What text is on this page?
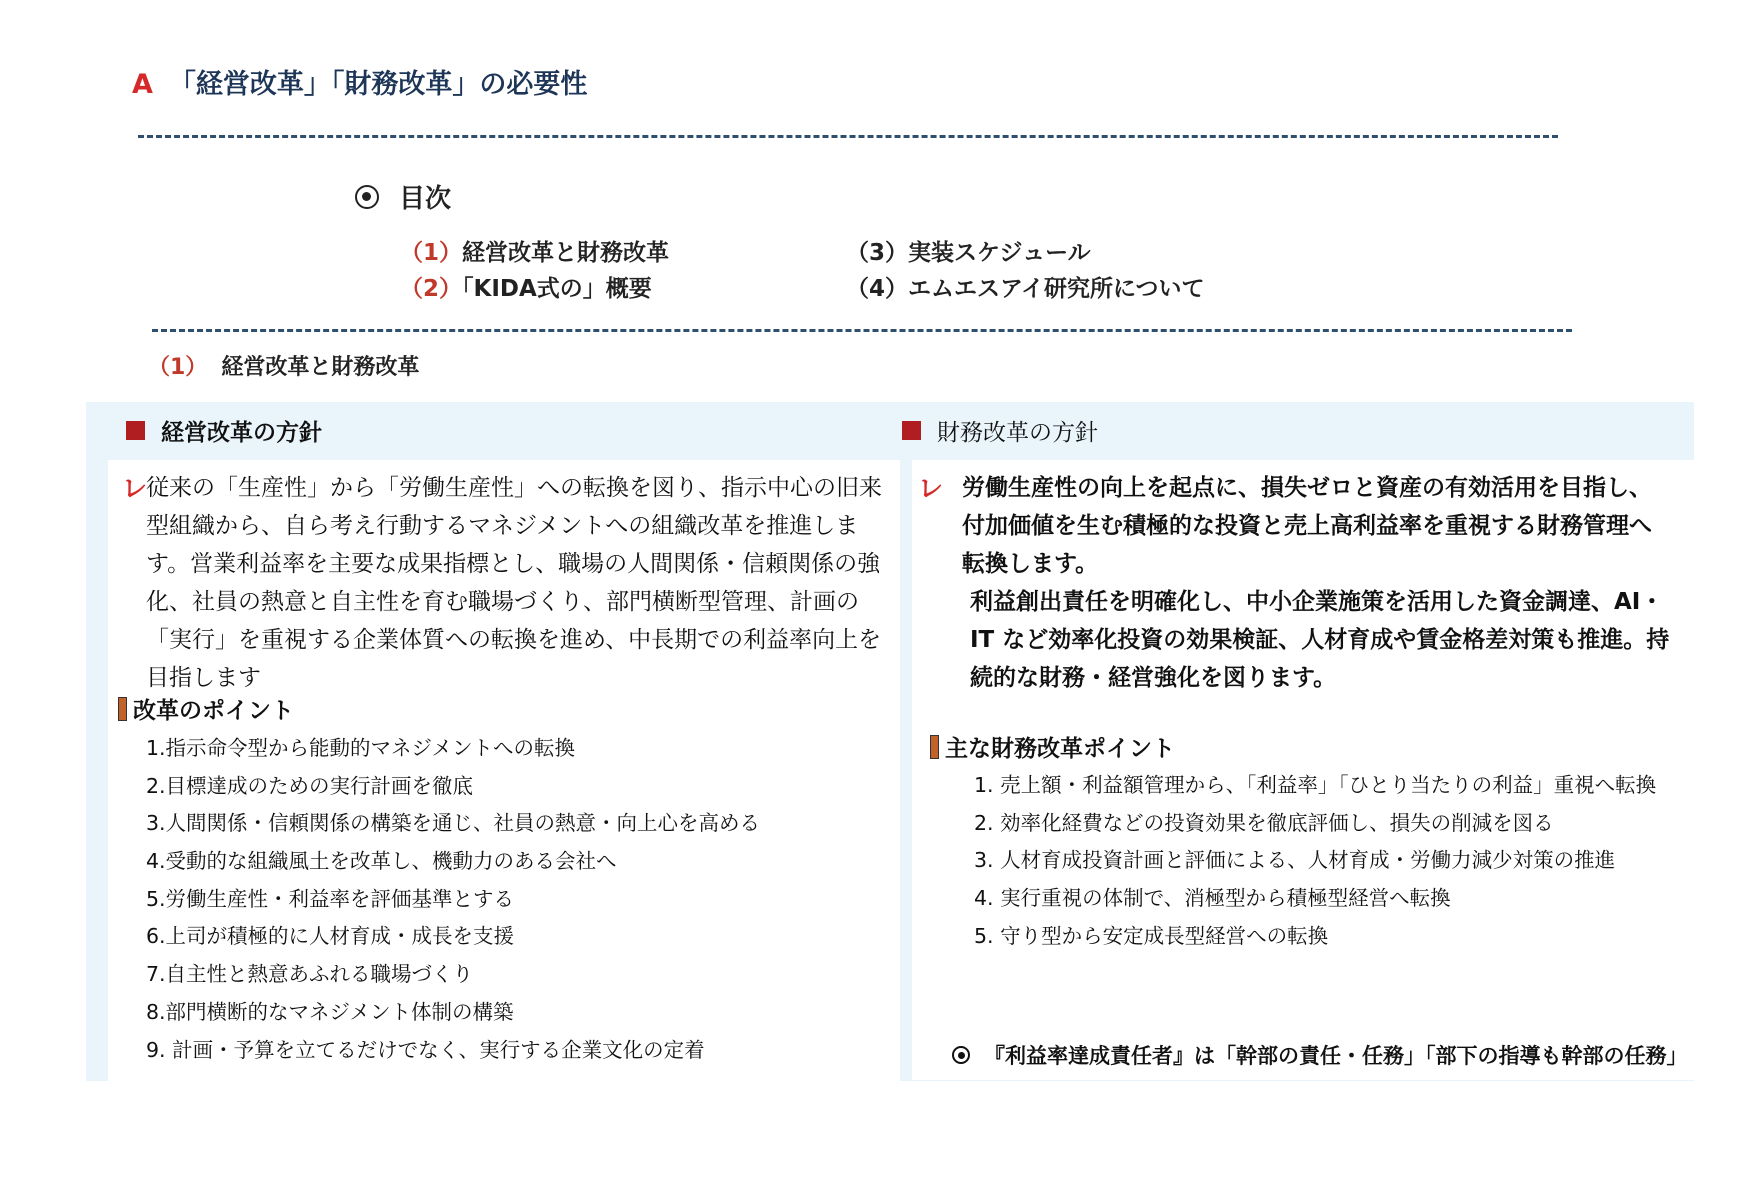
A 「経営改革」「財務改革」の必要性
目次
（1）経営改革と財務改革
（2）「KIDA式の」概要
（3）実装スケジュール
（4）エムエスアイ研究所について
（1） 経営改革と財務改革
経営改革の方針
レ
従来の「生産性」から「労働生産性」への転換を図り、指示中心の旧来型組織から、自ら考え行動するマネジメントへの組織改革を推進します。営業利益率を主要な成果指標とし、職場の人間関係・信頼関係の強化、社員の熱意と自主性を育む職場づくり、部門横断型管理、計画の「実行」を重視する企業体質への転換を進め、中長期での利益率向上を目指します
改革のポイント
1.指示命令型から能動的マネジメントへの転換
2.目標達成のための実行計画を徹底
3.人間関係・信頼関係の構築を通じ、社員の熱意・向上心を高める
4.受動的な組織風土を改革し、機動力のある会社へ
5.労働生産性・利益率を評価基準とする
6.上司が積極的に人材育成・成長を支援
7.自主性と熱意あふれる職場づくり
8.部門横断的なマネジメント体制の構築
9. 計画・予算を立てるだけでなく、実行する企業文化の定着
財務改革の方針
レ 労働生産性の向上を起点に、損失ゼロと資産の有効活用を目指し、付加価値を生む積極的な投資と売上高利益率を重視する財務管理へ転換します。
利益創出責任を明確化し、中小企業施策を活用した資金調達、AI・IT など効率化投資の効果検証、人材育成や賃金格差対策も推進。持続的な財務・経営強化を図ります。
主な財務改革ポイント
1. 売上額・利益額管理から、「利益率」「ひとり当たりの利益」重視へ転換
2. 効率化経費などの投資効果を徹底評価し、損失の削減を図る
3. 人材育成投資計画と評価による、人材育成・労働力減少対策の推進
4. 実行重視の体制で、消極型から積極型経営へ転換
5. 守り型から安定成長型経営への転換
『利益率達成責任者』は「幹部の責任・任務」「部下の指導も幹部の任務」
